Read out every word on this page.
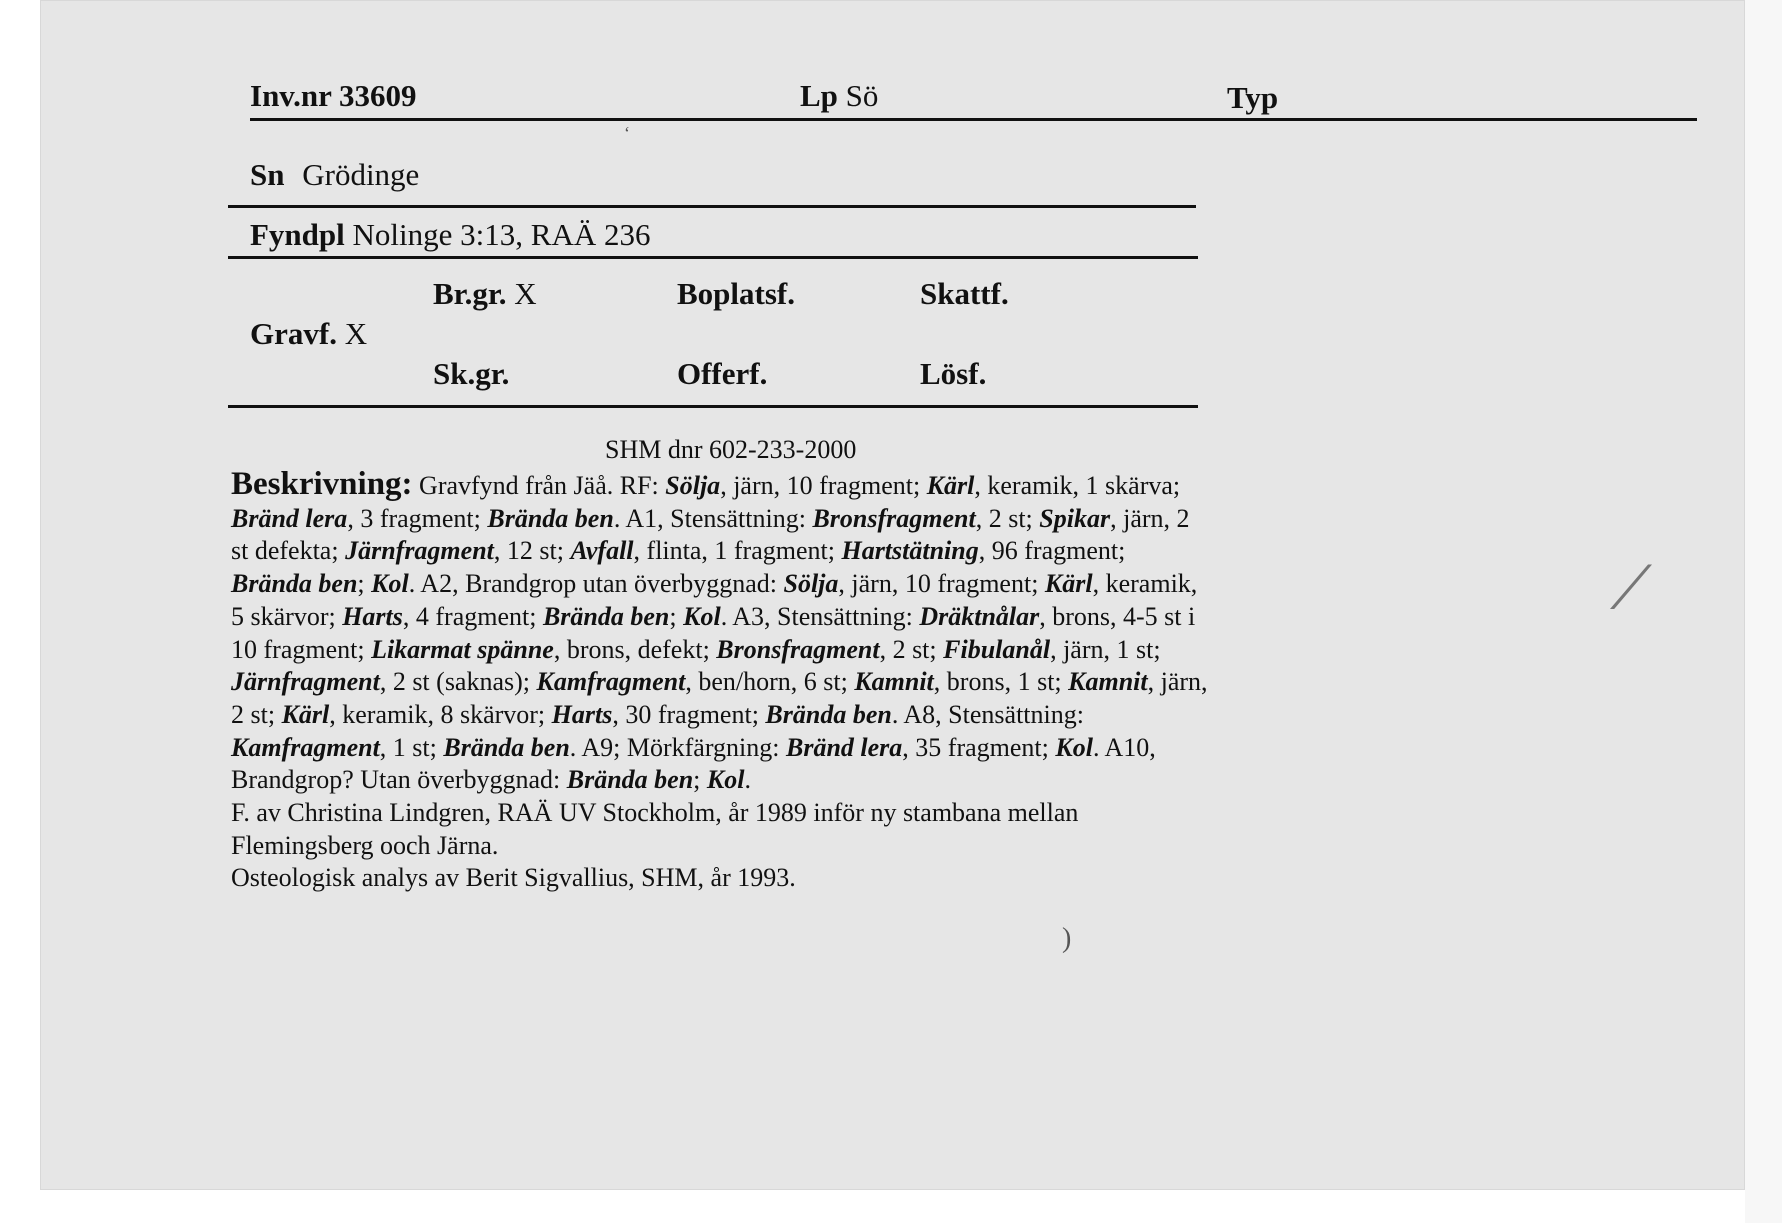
Inv.nr 33609	Lp Sö	Typ
Sn Grödinge
Fyndpl Nolinge 3:13, RAÄ 236
Gravf. X
Br.gr. X
Sk.gr.
Boplatsf.
Offerf.
Skattf.
Lösf.
SHM dnr 602-233-2000

Beskrivning: Gravfynd från Jäå. RF: Sölja, järn, 10 fragment; Kärl, keramik, 1 skärva; Bränd lera, 3 fragment; Brända ben. A1, Stensättning: Bronsfragment, 2 st; Spikar, järn, 2 st defekta; Järnfragment, 12 st; Avfall, flinta, 1 fragment; Hartstätning, 96 fragment; Brända ben; Kol. A2, Brandgrop utan överbyggnad: Sölja, järn, 10 fragment; Kärl, keramik, 5 skärvor; Harts, 4 fragment; Brända ben; Kol. A3, Stensättning: Dräktnålar, brons, 4-5 st i 10 fragment; Likarmat spänne, brons, defekt; Bronsfragment, 2 st; Fibulanål, järn, 1 st; Järnfragment, 2 st (saknas); Kamfragment, ben/horn, 6 st; Kamnit, brons, 1 st; Kamnit, järn, 2 st; Kärl, keramik, 8 skärvor; Harts, 30 fragment; Brända ben. A8, Stensättning: Kamfragment, 1 st; Brända ben. A9; Mörkfärgning: Bränd lera, 35 fragment; Kol. A10, Brandgrop? Utan överbyggnad: Brända ben; Kol.

F. av Christina Lindgren, RAÄ UV Stockholm, år 1989 inför ny stambana mellan Flemingsberg ooch Järna.

Osteologisk analys av Berit Sigvallius, SHM, år 1993.

‘
⟋
)
